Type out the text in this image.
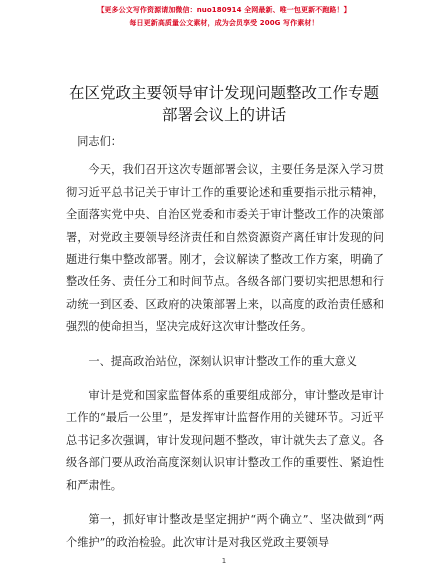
【更多公文写作资源请加微信：nuo180914 全网最新、唯一包更新不跑路！】
每日更新高质量公文素材，成为会员享受 200G 写作素材！
在区党政主要领导审计发现问题整改工作专题
部署会议上的讲话

同志们：

今天，我们召开这次专题部署会议，主要任务是深入学习贯彻习近平总书记关于审计工作的重要论述和重要指示批示精神，全面落实党中央、自治区党委和市委关于审计整改工作的决策部署，对党政主要领导经济责任和自然资源资产离任审计发现的问题进行集中整改部署。刚才，会议解读了整改工作方案，明确了整改任务、责任分工和时间节点。各级各部门要切实把思想和行动统一到区委、区政府的决策部署上来，以高度的政治责任感和强烈的使命担当，坚决完成好这次审计整改任务。

一、提高政治站位，深刻认识审计整改工作的重大意义

审计是党和国家监督体系的重要组成部分，审计整改是审计工作的“最后一公里”，是发挥审计监督作用的关键环节。习近平总书记多次强调，审计发现问题不整改，审计就失去了意义。各级各部门要从政治高度深刻认识审计整改工作的重要性、紧迫性和严肃性。

第一，抓好审计整改是坚定拥护“两个确立”、坚决做到“两个维护”的政治检验。此次审计是对我区党政主要领导

1
